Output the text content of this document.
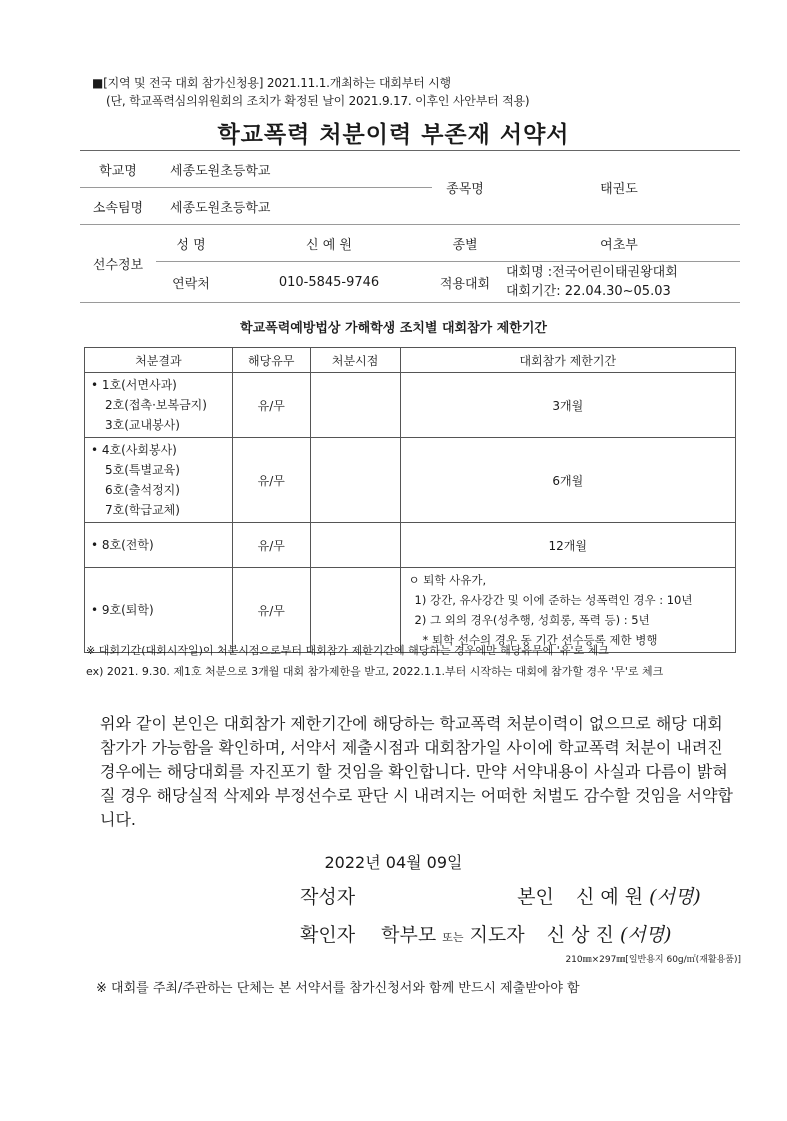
■[지역 및 전국 대회 참가신청용] 2021.11.1.개최하는 대회부터 시행
(단, 학교폭력심의위원회의 조치가 확정된 날이 2021.9.17. 이후인 사안부터 적용)
학교폭력 처분이력 부존재 서약서
학교명	세종도원초등학교		종목명	태권도
소속팀명	세종도원초등학교			
선수정보	성 명	신 예 원	종별	여초부
	연락처	010-5845-9746	적용대회	대회명 :전국어린이태권왕대회
대회기간: 22.04.30~05.03
학교폭력예방법상 가해학생 조치별 대회참가 제한기간
처분결과	해당유무	처분시점	대회참가 제한기간

• 1호(서면사과)
2호(접촉·보복금지)
3호(교내봉사)	유/무		3개월

• 4호(사회봉사)
5호(특별교육)
6호(출석정지)
7호(학급교체)	유/무		6개월

• 8호(전학)	유/무		12개월

• 9호(퇴학)	유/무		ㅇ 퇴학 사유가,
1) 강간, 유사강간 및 이에 준하는 성폭력인 경우 : 10년
2) 그 외의 경우(성추행, 성희롱, 폭력 등) : 5년
* 퇴학 선수의 경우 동 기간 선수등록 제한 병행
※ 대회기간(대회시작일)이 처분시점으로부터 대회참가 제한기간에 해당하는 경우에만 해당유무에 '유'로 체크
ex) 2021. 9.30. 제1호 처분으로 3개월 대회 참가제한을 받고, 2022.1.1.부터 시작하는 대회에 참가할 경우 '무'로 체크
위와 같이 본인은 대회참가 제한기간에 해당하는 학교폭력 처분이력이 없으므로 해당 대회 참가가 가능함을 확인하며, 서약서 제출시점과 대회참가일 사이에 학교폭력 처분이 내려진 경우에는 해당대회를 자진포기 할 것임을 확인합니다. 만약 서약내용이 사실과 다름이 밝혀질 경우 해당실적 삭제와 부정선수로 판단 시 내려지는 어떠한 처벌도 감수할 것임을 서약합니다.
2022년 04월 09일
작성자	본인 신 예 원 (서명)
확인자 학부모 또는 지도자 신 상 진 (서명)
210㎜×297㎜[일반용지 60g/㎡(재활용품)]
※ 대회를 주최/주관하는 단체는 본 서약서를 참가신청서와 함께 반드시 제출받아야 함
